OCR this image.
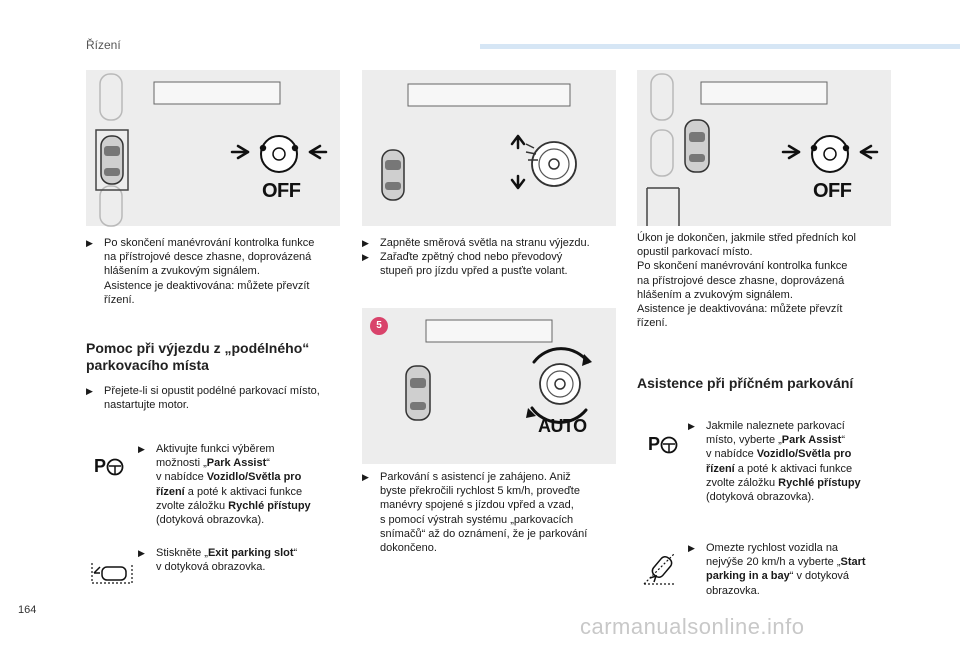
Řízení
OFF
▶ Po skončení manévrování kontrolka funkce

na přístrojové desce zhasne, doprovázená

hlášením a zvukovým signálem.

Asistence je deaktivována: můžete převzít

řízení.

Pomoc při výjezdu z „podélného“
parkovacího místa
▶ Přejete-li si opustit podélné parkovací místo,

nastartujte motor.

P
▶ Aktivujte funkci výběrem

možnosti „Park Assist“

v nabídce Vozidlo/Světla pro

řízení a poté k aktivaci funkce

zvolte záložku Rychlé přístupy

(dotyková obrazovka).

▶ Stiskněte „Exit parking slot“

v dotyková obrazovka.

▶ Zapněte směrová světla na stranu výjezdu.

▶ Zařaďte zpětný chod nebo převodový

stupeň pro jízdu vpřed a pusťte volant.

5
AUTO
▶ Parkování s asistencí je zahájeno. Aniž

byste překročili rychlost 5 km/h, proveďte

manévry spojené s jízdou vpřed a vzad,

s pomocí výstrah systému „parkovacích

snímačů“ až do oznámení, že je parkování

dokončeno.

OFF

Úkon je dokončen, jakmile střed předních kol

opustil parkovací místo.

Po skončení manévrování kontrolka funkce

na přístrojové desce zhasne, doprovázená

hlášením a zvukovým signálem.

Asistence je deaktivována: můžete převzít

řízení.

Asistence při příčném parkování
P
▶ Jakmile naleznete parkovací

místo, vyberte „Park Assist“

v nabídce Vozidlo/Světla pro

řízení a poté k aktivaci funkce

zvolte záložku Rychlé přístupy

(dotyková obrazovka).

▶ Omezte rychlost vozidla na

nejvýše 20 km/h a vyberte „Start

parking in a bay“ v dotyková

obrazovka.

164
carmanualsonline.info
